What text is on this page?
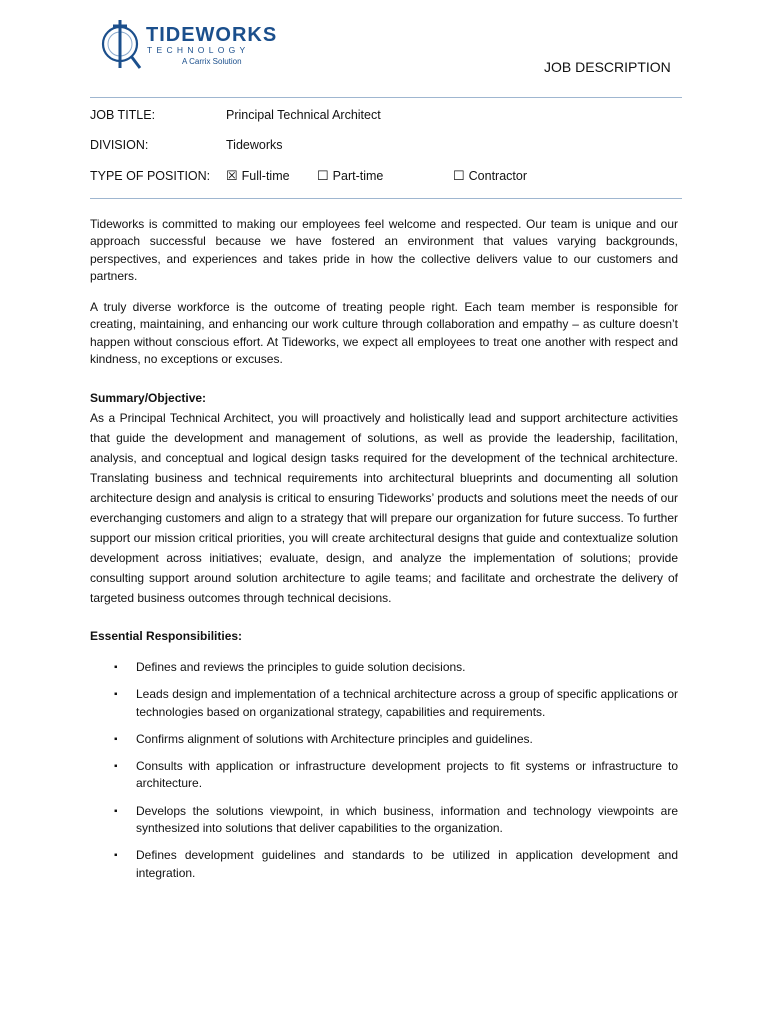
TIDEWORKS
TECHNOLOGY
A Carrix Solution	JOB DESCRIPTION
JOB TITLE:	Principal Technical Architect
DIVISION:	Tideworks
TYPE OF POSITION: ☒ Full-time ☐ Part-time	☐ Contractor

Tideworks is committed to making our employees feel welcome and respected. Our team is unique and our approach successful because we have fostered an environment that values varying backgrounds, perspectives, and experiences and takes pride in how the collective delivers value to our customers and partners.

A truly diverse workforce is the outcome of treating people right. Each team member is responsible for creating, maintaining, and enhancing our work culture through collaboration and empathy – as culture doesn’t happen without conscious effort. At Tideworks, we expect all employees to treat one another with respect and kindness, no exceptions or excuses.

Summary/Objective:

As a Principal Technical Architect, you will proactively and holistically lead and support architecture activities that guide the development and management of solutions, as well as provide the leadership, facilitation, analysis, and conceptual and logical design tasks required for the development of the technical architecture. Translating business and technical requirements into architectural blueprints and documenting all solution architecture design and analysis is critical to ensuring Tideworks’ products and solutions meet the needs of our everchanging customers and align to a strategy that will prepare our organization for future success. To further support our mission critical priorities, you will create architectural designs that guide and contextualize solution development across initiatives; evaluate, design, and analyze the implementation of solutions; provide consulting support around solution architecture to agile teams; and facilitate and orchestrate the delivery of targeted business outcomes through technical decisions.

Essential Responsibilities:

▪ Defines and reviews the principles to guide solution decisions.
▪ Leads design and implementation of a technical architecture across a group of specific applications or technologies based on organizational strategy, capabilities and requirements.
▪ Confirms alignment of solutions with Architecture principles and guidelines.
▪ Consults with application or infrastructure development projects to fit systems or infrastructure to architecture.
▪ Develops the solutions viewpoint, in which business, information and technology viewpoints are synthesized into solutions that deliver capabilities to the organization.
▪ Defines development guidelines and standards to be utilized in application development and integration.
